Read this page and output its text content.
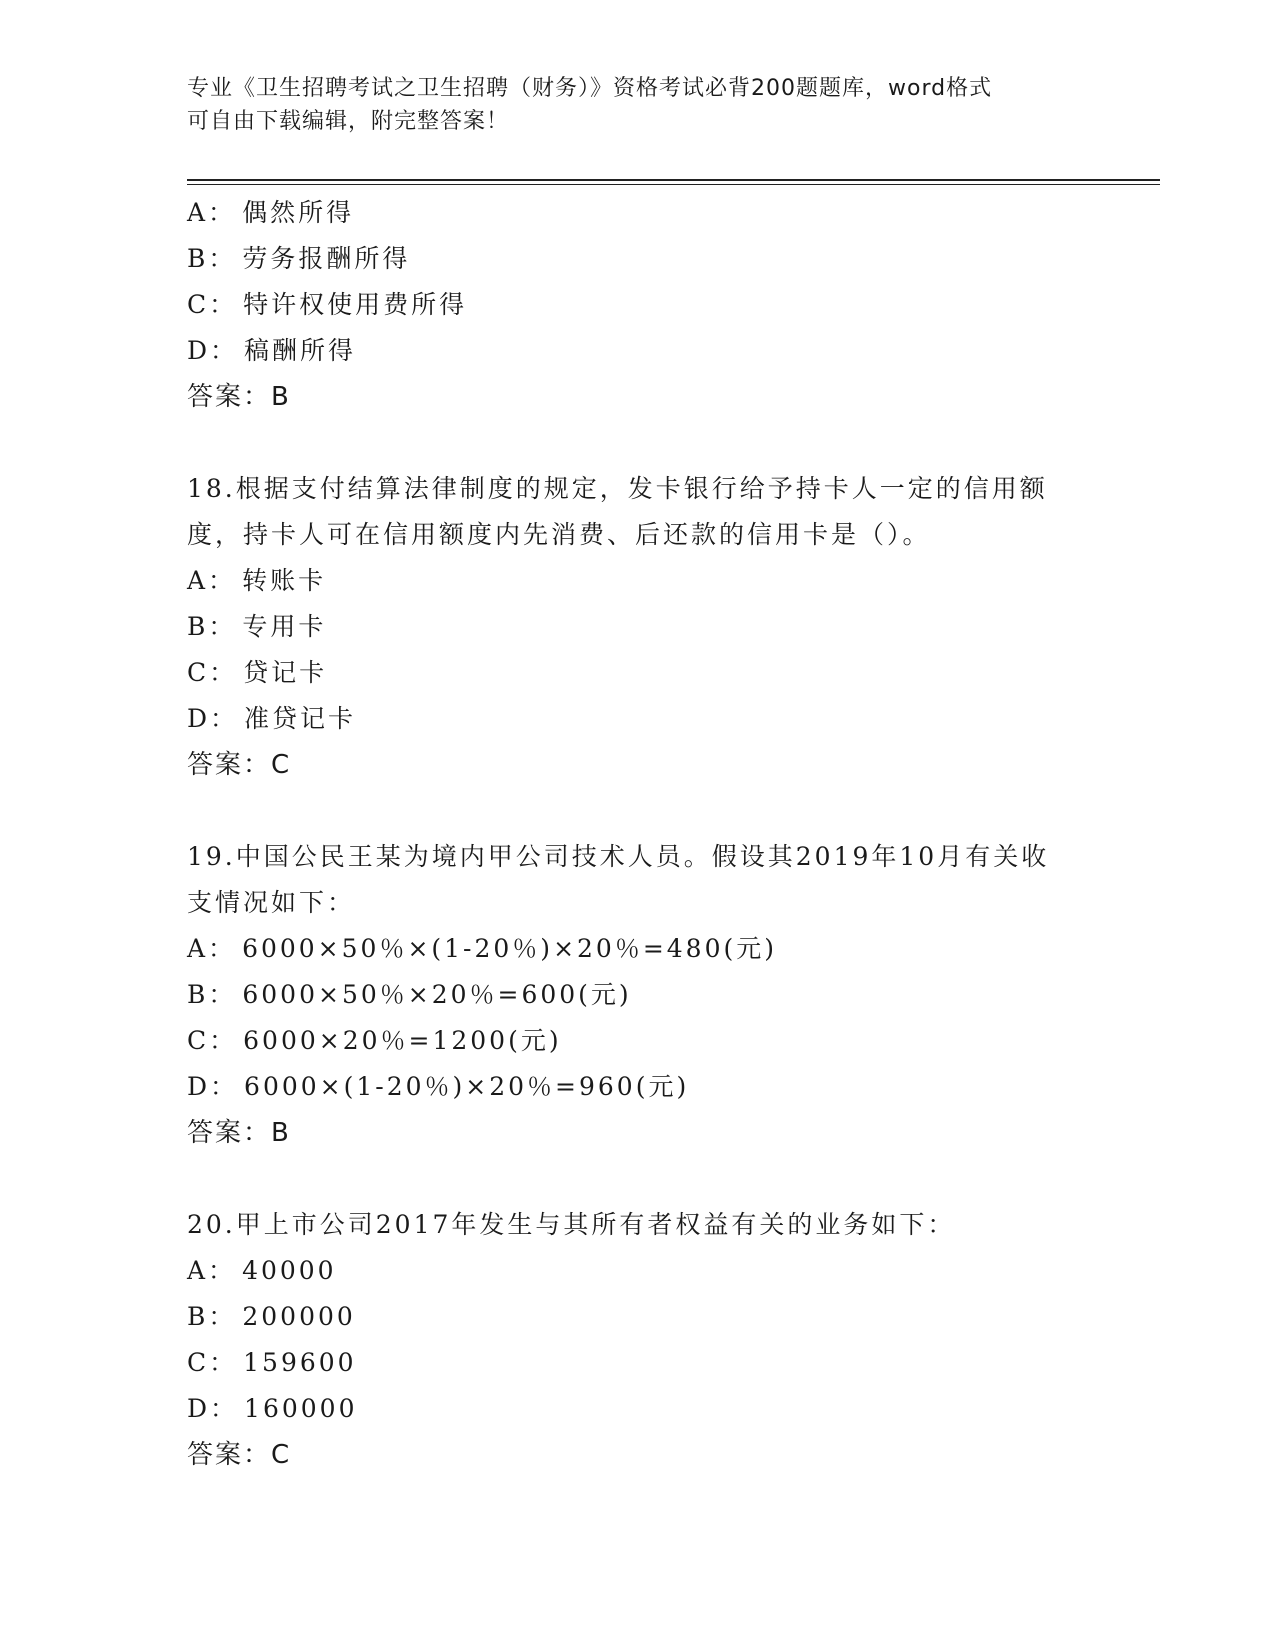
专业《卫生招聘考试之卫生招聘（财务）》资格考试必背200题题库，word格式
可自由下载编辑，附完整答案！
A： 偶然所得
B： 劳务报酬所得
C： 特许权使用费所得
D： 稿酬所得
答案：B
18.根据支付结算法律制度的规定，发卡银行给予持卡人一定的信用额度，持卡人可在信用额度内先消费、后还款的信用卡是（）。
A： 转账卡
B： 专用卡
C： 贷记卡
D： 准贷记卡
答案：C
19.中国公民王某为境内甲公司技术人员。假设其2019年10月有关收支情况如下：
A： 6000×50％×(1-20％)×20％=480(元)
B： 6000×50％×20％=600(元)
C： 6000×20％=1200(元)
D： 6000×(1-20％)×20％=960(元)
答案：B
20.甲上市公司2017年发生与其所有者权益有关的业务如下：
A： 40000
B： 200000
C： 159600
D： 160000
答案：C
